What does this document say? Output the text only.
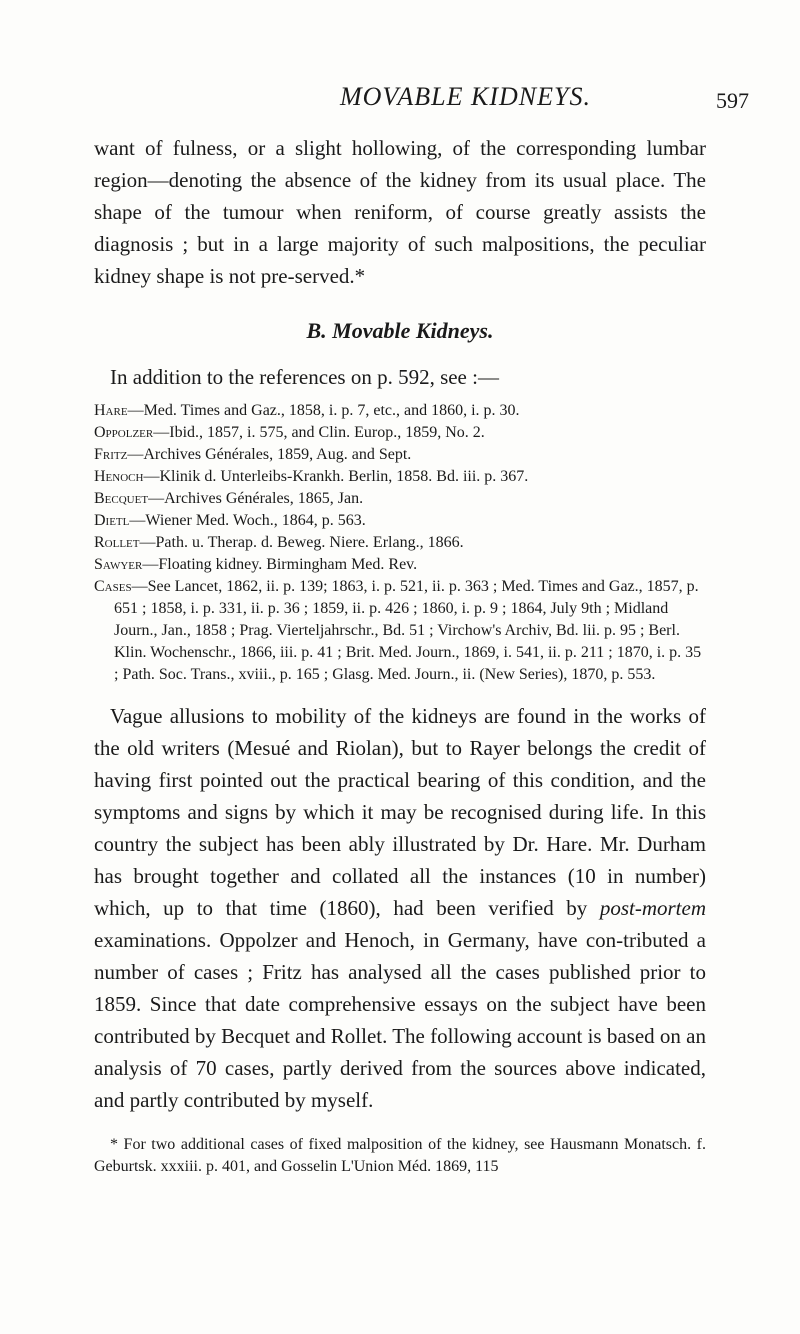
MOVABLE KIDNEYS.	597

want of fulness, or a slight hollowing, of the corresponding lumbar region—denoting the absence of the kidney from its usual place. The shape of the tumour when reniform, of course greatly assists the diagnosis ; but in a large majority of such malpositions, the peculiar kidney shape is not pre-served.*

B. Movable Kidneys.

In addition to the references on p. 592, see :—

Hare—Med. Times and Gaz., 1858, i. p. 7, etc., and 1860, i. p. 30.
Oppolzer—Ibid., 1857, i. 575, and Clin. Europ., 1859, No. 2.
Fritz—Archives Générales, 1859, Aug. and Sept.
Henoch—Klinik d. Unterleibs-Krankh. Berlin, 1858. Bd. iii. p. 367.
Becquet—Archives Générales, 1865, Jan.
Dietl—Wiener Med. Woch., 1864, p. 563.
Rollet—Path. u. Therap. d. Beweg. Niere. Erlang., 1866.
Sawyer—Floating kidney. Birmingham Med. Rev.
Cases—See Lancet, 1862, ii. p. 139; 1863, i. p. 521, ii. p. 363 ; Med. Times and Gaz., 1857, p. 651 ; 1858, i. p. 331, ii. p. 36 ; 1859, ii. p. 426 ; 1860, i. p. 9 ; 1864, July 9th ; Midland Journ., Jan., 1858 ; Prag. Vierteljahrschr., Bd. 51 ; Virchow's Archiv, Bd. lii. p. 95 ; Berl. Klin. Wochenschr., 1866, iii. p. 41 ; Brit. Med. Journ., 1869, i. 541, ii. p. 211 ; 1870, i. p. 35 ; Path. Soc. Trans., xviii., p. 165 ; Glasg. Med. Journ., ii. (New Series), 1870, p. 553.

Vague allusions to mobility of the kidneys are found in the works of the old writers (Mesué and Riolan), but to Rayer belongs the credit of having first pointed out the practical bearing of this condition, and the symptoms and signs by which it may be recognised during life. In this country the subject has been ably illustrated by Dr. Hare. Mr. Durham has brought together and collated all the instances (10 in number) which, up to that time (1860), had been verified by post-mortem examinations. Oppolzer and Henoch, in Germany, have con-tributed a number of cases ; Fritz has analysed all the cases published prior to 1859. Since that date comprehensive essays on the subject have been contributed by Becquet and Rollet. The following account is based on an analysis of 70 cases, partly derived from the sources above indicated, and partly contributed by myself.

* For two additional cases of fixed malposition of the kidney, see Hausmann Monatsch. f. Geburtsk. xxxiii. p. 401, and Gosselin L'Union Méd. 1869, 115
